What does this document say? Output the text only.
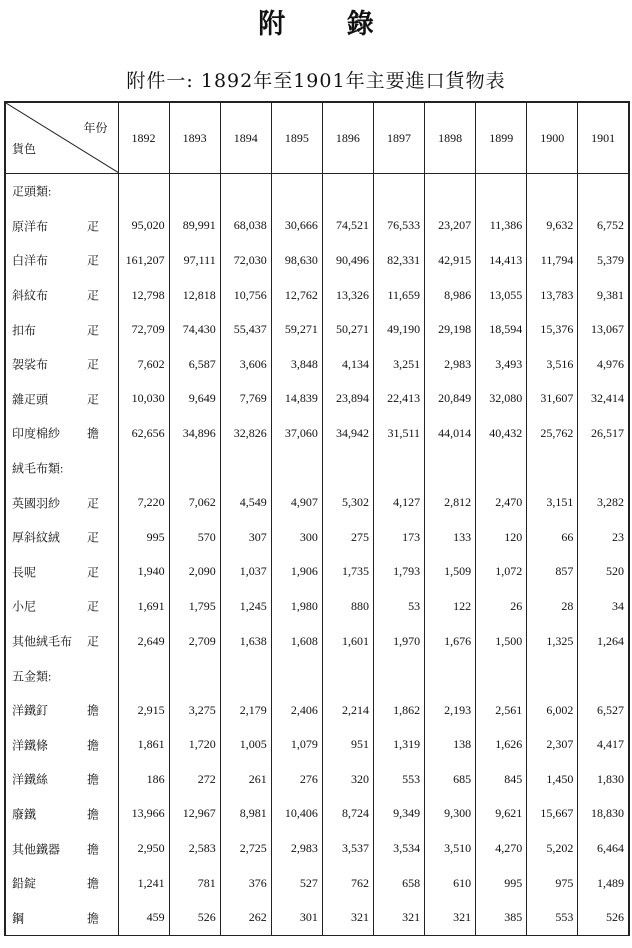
附 錄
附件一: 1892年至1901年主要進口貨物表
年份
貨色	1892	1893	1894	1895	1896	1897	1898	1899	1900	1901

疋頭類:										

原洋布 疋	95,020	89,991	68,038	30,666	74,521	76,533	23,207	11,386	9,632	6,752

白洋布 疋	161,207	97,111	72,030	98,630	90,496	82,331	42,915	14,413	11,794	5,379

斜紋布 疋	12,798	12,818	10,756	12,762	13,326	11,659	8,986	13,055	13,783	9,381

扣布 疋	72,709	74,430	55,437	59,271	50,271	49,190	29,198	18,594	15,376	13,067

袈裟布 疋	7,602	6,587	3,606	3,848	4,134	3,251	2,983	3,493	3,516	4,976

雜疋頭 疋	10,030	9,649	7,769	14,839	23,894	22,413	20,849	32,080	31,607	32,414

印度棉紗 擔	62,656	34,896	32,826	37,060	34,942	31,511	44,014	40,432	25,762	26,517

絨毛布類:										

英國羽紗 疋	7,220	7,062	4,549	4,907	5,302	4,127	2,812	2,470	3,151	3,282

厚斜紋絨 疋	995	570	307	300	275	173	133	120	66	23

長呢 疋	1,940	2,090	1,037	1,906	1,735	1,793	1,509	1,072	857	520

小尼 疋	1,691	1,795	1,245	1,980	880	53	122	26	28	34

其他絨毛布 疋	2,649	2,709	1,638	1,608	1,601	1,970	1,676	1,500	1,325	1,264

五金類:										

洋鐵釘 擔	2,915	3,275	2,179	2,406	2,214	1,862	2,193	2,561	6,002	6,527

洋鐵條 擔	1,861	1,720	1,005	1,079	951	1,319	138	1,626	2,307	4,417

洋鐵絲 擔	186	272	261	276	320	553	685	845	1,450	1,830

廢鐵 擔	13,966	12,967	8,981	10,406	8,724	9,349	9,300	9,621	15,667	18,830

其他鐵器 擔	2,950	2,583	2,725	2,983	3,537	3,534	3,510	4,270	5,202	6,464

鉛錠 擔	1,241	781	376	527	762	658	610	995	975	1,489

鋼 擔	459	526	262	301	321	321	321	385	553	526
